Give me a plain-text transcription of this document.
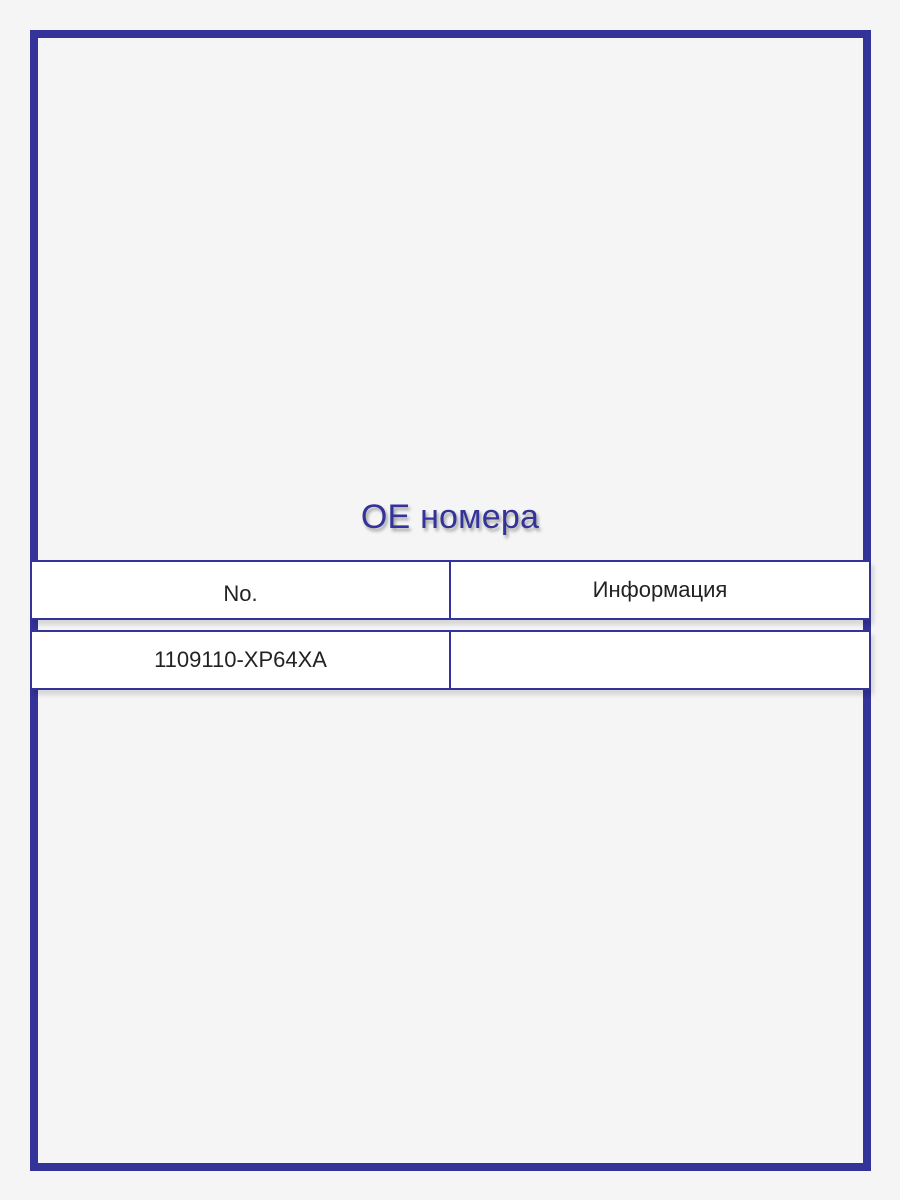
OE номера
No.	Информация
1109110-XP64XA
